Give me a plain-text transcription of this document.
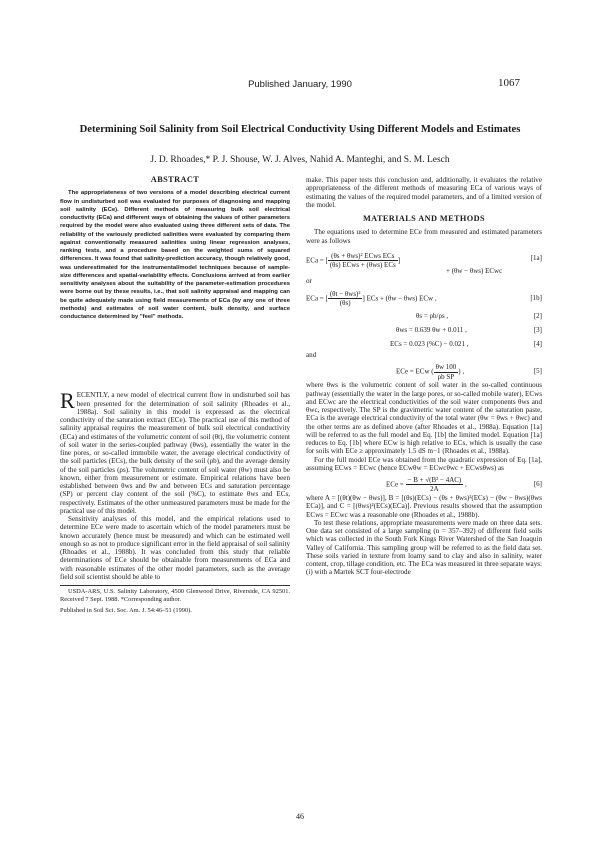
Published January, 1990	1067
Determining Soil Salinity from Soil Electrical Conductivity Using Different Models and Estimates
J. D. Rhoades,* P. J. Shouse, W. J. Alves, Nahid A. Manteghi, and S. M. Lesch
ABSTRACT

The appropriateness of two versions of a model describing electrical current flow in undisturbed soil was evaluated for purposes of diagnosing and mapping soil salinity (ECe). Different methods of measuring bulk soil electrical conductivity (ECa) and different ways of obtaining the values of other parameters required by the model were also evaluated using three different sets of data. The reliability of the variously predicted salinities were evaluated by comparing them against conventionally measured salinities using linear regression analyses, ranking tests, and a procedure based on the weighted sums of squared differences. It was found that salinity-prediction accuracy, though relatively good, was underestimated for the instrumental/model techniques because of sample-size differences and spatial-variability effects. Conclusions arrived at from earlier sensitivity analyses about the suitability of the parameter-estimation procedures were borne out by these results, i.e., that soil salinity appraisal and mapping can be quite adequately made using field measurements of ECa (by any one of three methods) and estimates of soil water content, bulk density, and surface conductance determined by "feel" methods.

RECENTLY, a new model of electrical current flow in undisturbed soil has been presented for the determination of soil salinity (Rhoades et al., 1988a). Soil salinity in this model is expressed as the electrical conductivity of the saturation extract (ECe). The practical use of this method of salinity appraisal requires the measurement of bulk soil electrical conductivity (ECa) and estimates of the volumetric content of soil (θt), the volumetric content of soil water in the series-coupled pathway (θws), essentially the water in the fine pores, or so-called immobile water, the average electrical conductivity of the soil particles (ECs), the bulk density of the soil (ρb), and the average density of the soil particles (ρs). The volumetric content of soil water (θw) must also be known, either from measurement or estimate. Empirical relations have been established between θws and θw and between ECs and saturation percentage (SP) or percent clay content of the soil (%C), to estimate θws and ECs, respectively. Estimates of the other unmeasured parameters must be made for the practical use of this model.

Sensitivity analyses of this model, and the empirical relations used to determine ECe were made to ascertain which of the model parameters must be known accurately (hence must be measured) and which can be estimated well enough so as not to produce significant error in the field appraisal of soil salinity (Rhoades et al., 1988b). It was concluded from this study that reliable determinations of ECe should be obtainable from measurements of ECa and with reasonable estimates of the other model parameters, such as the average field soil scientist should be able to

USDA-ARS, U.S. Salinity Laboratory, 4500 Glenwood Drive, Riverside, CA 92501. Received 7 Sept. 1988. *Corresponding author.

Published in Soil Sci. Soc. Am. J. 54:46–51 (1990).

make. This paper tests this conclusion and, additionally, it evaluates the relative appropriateness of the different methods of measuring ECa of various ways of estimating the values of the required model parameters, and of a limited version of the model.

MATERIALS AND METHODS

The equations used to determine ECe from measured and estimated parameters were as follows

ECa = [ $\frac{\text{(θs + θws)² ECws ECs}}{\text{(θs) ECws + (θws) ECs}}$ ]
+ (θw − θws) ECwc
[1a]

or

ECa = [ $\frac{\text{(θt − θws)²}}{(\theta s)}$ ] ECs + (θw − θws) ECw ,	[1b]
θs = ρb/ρs ,	[2]
θws = 0.639 θw + 0.011 ,	[3]
ECs = 0.023 (%C) − 0.021 ,	[4]

and

ECe = ECw ( $\frac{\theta w 100}{\text{ρb SP}}$ ) ,	[5]

where θws is the volumetric content of soil water in the so-called continuous pathway (essentially the water in the large pores, or so-called mobile water), ECws and ECwc are the electrical conductivities of the soil water components θws and θwc, respectively. The SP is the gravimetric water content of the saturation paste, ECa is the average electrical conductivity of the total water (θw = θws + θwc) and the other terms are as defined above (after Rhoades et al., 1988a). Equation [1a] will be referred to as the full model and Eq. [1b] the limited model. Equation [1a] reduces to Eq. [1b] where ECw is high relative to ECs, which is usually the case for soils with ECe ≥ approximately 1.5 dS m−1 (Rhoades et al., 1988a).

For the full model ECe was obtained from the quadratic expression of Eq. [1a], assuming ECws = ECwc (hence ECwθw = ECwcθwc + ECwsθws) as

ECe = $\frac{\text{− B + √(B² − 4AC)}}{2A}$ ,	[6]

where A = [(θt)(θw − θws)], B = [(θs)(ECs) − (θs + θws)²(ECs) − (θw − θws)(θws ECa)], and C = [(θws)²(ECs)(ECa)]. Previous results showed that the assumption ECws = ECwc was a reasonable one (Rhoades et al., 1988b).

To test these relations, appropriate measurements were made on three data sets. One data set consisted of a large sampling (n = 357–392) of different field soils which was collected in the South Fork Kings River Watershed of the San Joaquin Valley of California. This sampling group will be referred to as the field data set. These soils varied in texture from loamy sand to clay and also in salinity, water content, crop, tillage condition, etc. The ECa was measured in three separate ways: (i) with a Martek SCT four-electrode

46
